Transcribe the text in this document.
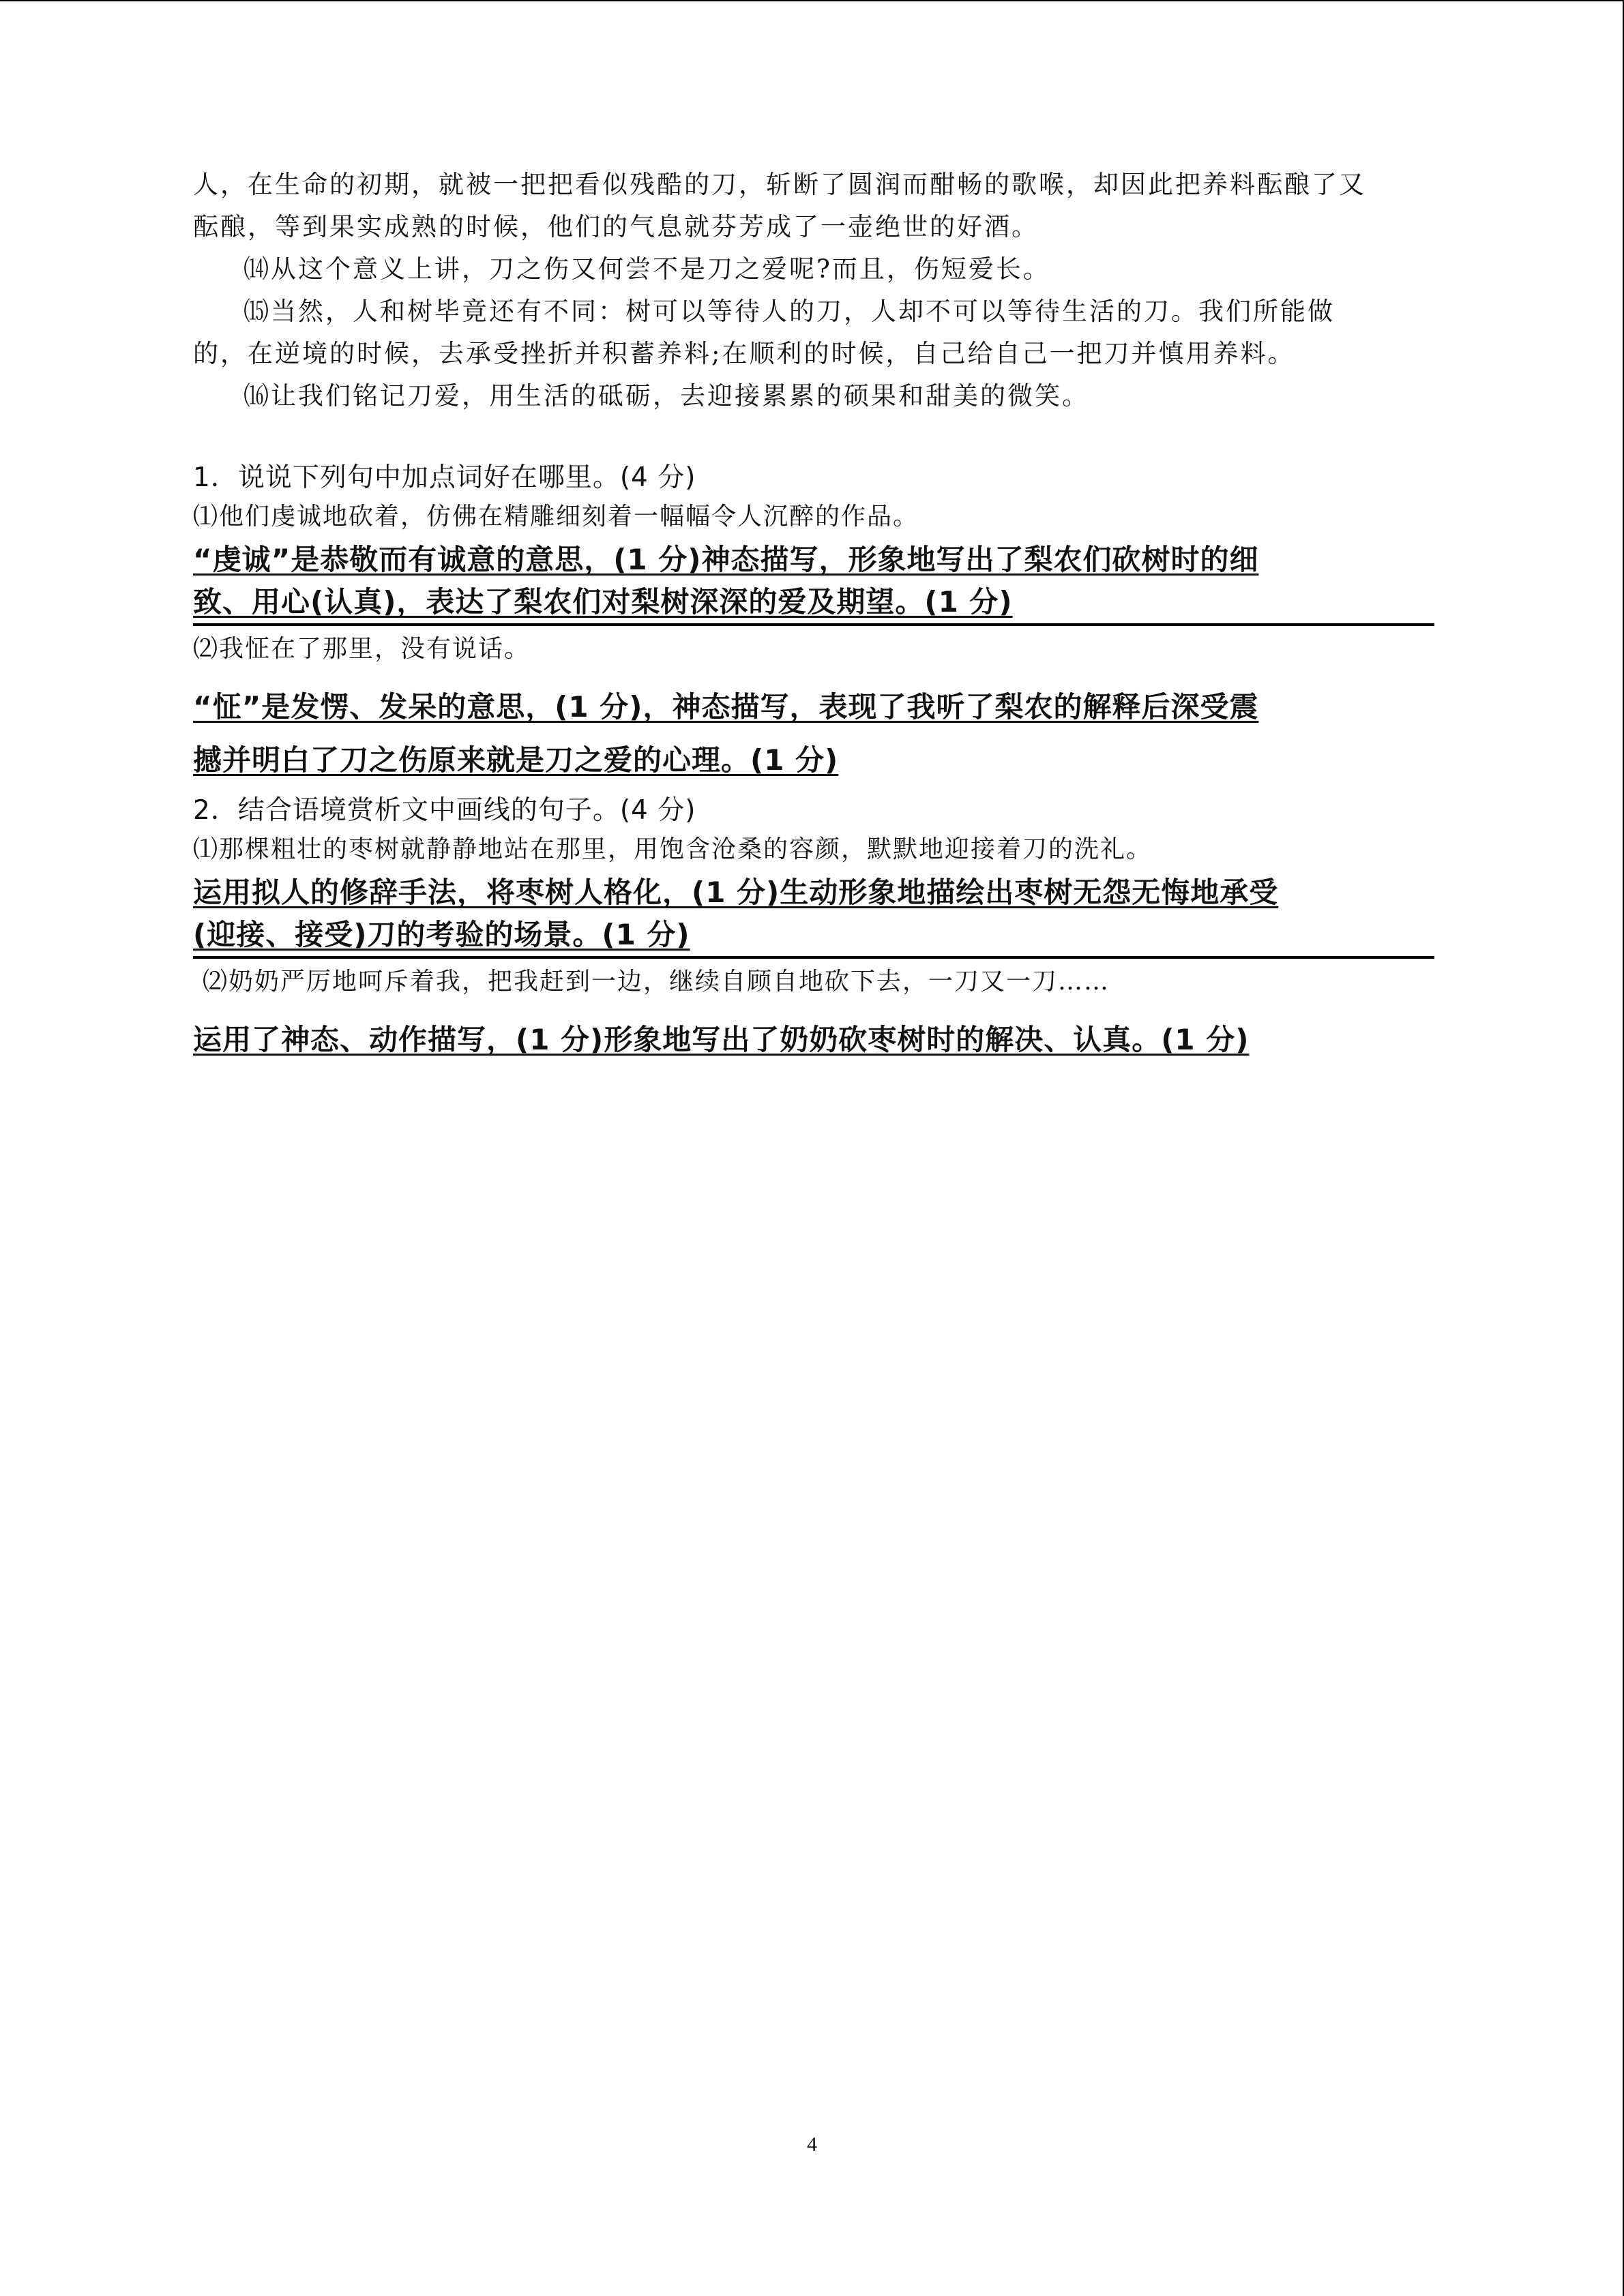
人，在生命的初期，就被一把把看似残酷的刀，斩断了圆润而酣畅的歌喉，却因此把养料酝酿了又
酝酿，等到果实成熟的时候，他们的气息就芬芳成了一壶绝世的好酒。

⒁从这个意义上讲，刀之伤又何尝不是刀之爱呢?而且，伤短爱长。

⒂当然，人和树毕竟还有不同：树可以等待人的刀，人却不可以等待生活的刀。我们所能做
的，在逆境的时候，去承受挫折并积蓄养料;在顺利的时候，自己给自己一把刀并慎用养料。

⒃让我们铭记刀爱，用生活的砥砺，去迎接累累的硕果和甜美的微笑。

1．说说下列句中加点词好在哪里。(4 分)

⑴他们虔诚地砍着，仿佛在精雕细刻着一幅幅令人沉醉的作品。

“虔诚”是恭敬而有诚意的意思，(1 分)神态描写，形象地写出了梨农们砍树时的细
致、用心(认真)，表达了梨农们对梨树深深的爱及期望。(1 分)

⑵我怔在了那里，没有说话。

“怔”是发愣、发呆的意思，(1 分)，神态描写，表现了我听了梨农的解释后深受震
撼并明白了刀之伤原来就是刀之爱的心理。(1 分)

2．结合语境赏析文中画线的句子。(4 分)

⑴那棵粗壮的枣树就静静地站在那里，用饱含沧桑的容颜，默默地迎接着刀的洗礼。

运用拟人的修辞手法，将枣树人格化，(1 分)生动形象地描绘出枣树无怨无悔地承受
(迎接、接受)刀的考验的场景。(1 分)

⑵奶奶严厉地呵斥着我，把我赶到一边，继续自顾自地砍下去，一刀又一刀……

运用了神态、动作描写，(1 分)形象地写出了奶奶砍枣树时的解决、认真。(1 分)
4
